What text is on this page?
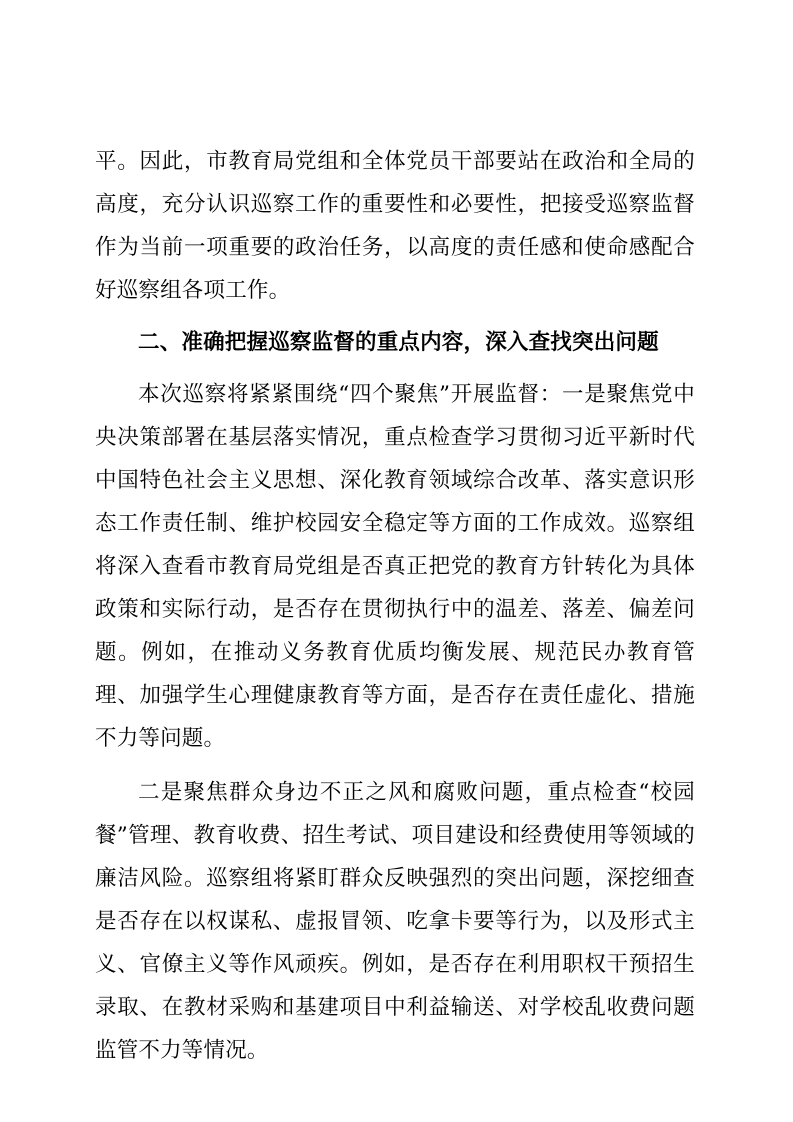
平。因此，市教育局党组和全体党员干部要站在政治和全局的高度，充分认识巡察工作的重要性和必要性，把接受巡察监督作为当前一项重要的政治任务，以高度的责任感和使命感配合好巡察组各项工作。

二、准确把握巡察监督的重点内容，深入查找突出问题

本次巡察将紧紧围绕“四个聚焦”开展监督：一是聚焦党中央决策部署在基层落实情况，重点检查学习贯彻习近平新时代中国特色社会主义思想、深化教育领域综合改革、落实意识形态工作责任制、维护校园安全稳定等方面的工作成效。巡察组将深入查看市教育局党组是否真正把党的教育方针转化为具体政策和实际行动，是否存在贯彻执行中的温差、落差、偏差问题。例如，在推动义务教育优质均衡发展、规范民办教育管理、加强学生心理健康教育等方面，是否存在责任虚化、措施不力等问题。

二是聚焦群众身边不正之风和腐败问题，重点检查“校园餐”管理、教育收费、招生考试、项目建设和经费使用等领域的廉洁风险。巡察组将紧盯群众反映强烈的突出问题，深挖细查是否存在以权谋私、虚报冒领、吃拿卡要等行为，以及形式主义、官僚主义等作风顽疾。例如，是否存在利用职权干预招生录取、在教材采购和基建项目中利益输送、对学校乱收费问题监管不力等情况。
